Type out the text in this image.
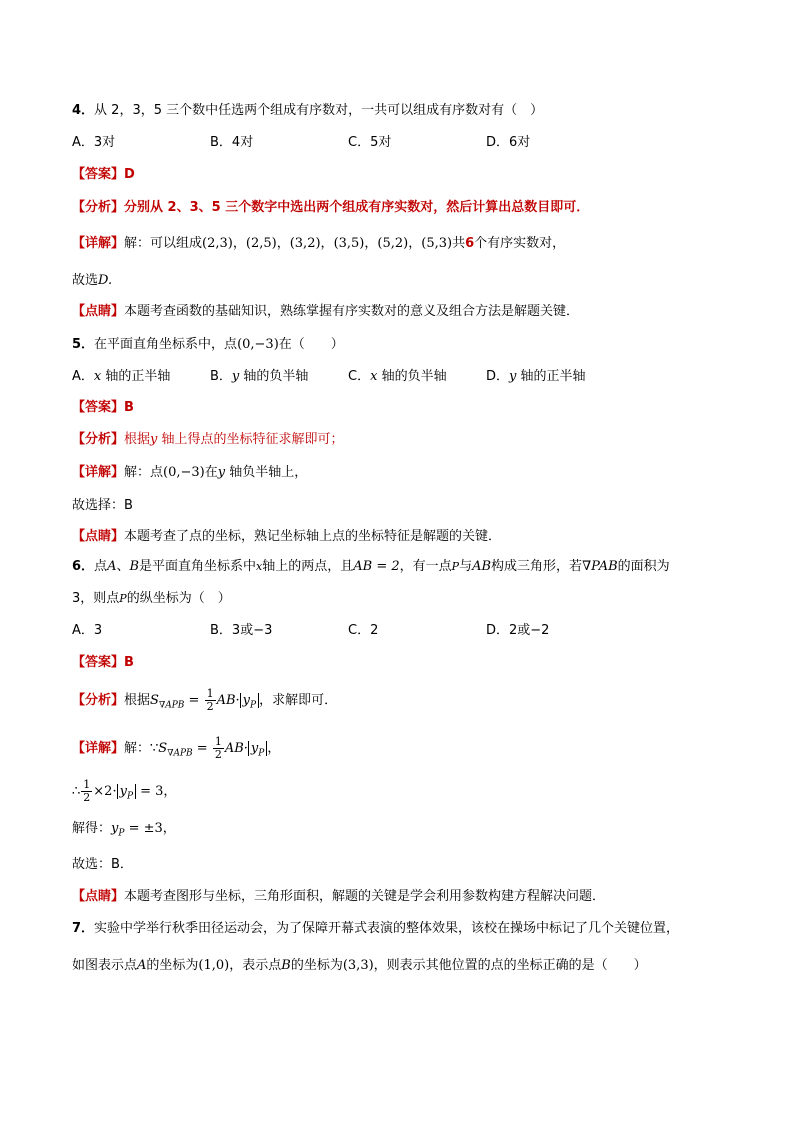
4．从 2，3，5 三个数中任选两个组成有序数对，一共可以组成有序数对有（　）
A．3对	B．4对	C．5对	D．6对
【答案】D
【分析】分别从 2、3、5 三个数字中选出两个组成有序实数对，然后计算出总数目即可．
【详解】解：可以组成(2,3)，(2,5)，(3,2)，(3,5)，(5,2)，(5,3)共6个有序实数对，
故选D.
【点睛】本题考查函数的基础知识，熟练掌握有序实数对的意义及组合方法是解题关键．
5．在平面直角坐标系中，点(0,−3)在（　　）
A．x 轴的正半轴	B．y 轴的负半轴	C．x 轴的负半轴	D．y 轴的正半轴
【答案】B
【分析】根据y 轴上得点的坐标特征求解即可；
【详解】解：点(0,−3)在y 轴负半轴上，
故选择：B
【点睛】本题考查了点的坐标，熟记坐标轴上点的坐标特征是解题的关键．
6．点A、B是平面直角坐标系中x轴上的两点，且AB = 2，有一点P与AB构成三角形，若∇PAB的面积为
3，则点P的纵坐标为（　）
A．3	B．3或−3	C．2	D．2或−2
【答案】B
【分析】根据$S_{\nabla APB} = \frac{1}{2} AB\cdot y_P$ ，求解即可．
【详解】解：$\because S_{\nabla APB} = \frac{1}{2} AB\cdot y_P$ ，
∴ $\frac{1}{2} \times 2\cdot y_P = 3$，
解得：$y_P = \pm 3$，
故选：B．
【点睛】本题考查图形与坐标，三角形面积，解题的关键是学会利用参数构建方程解决问题．
7．实验中学举行秋季田径运动会，为了保障开幕式表演的整体效果，该校在操场中标记了几个关键位置，
如图表示点A的坐标为(1,0)，表示点B的坐标为(3,3)，则表示其他位置的点的坐标正确的是（　　）
